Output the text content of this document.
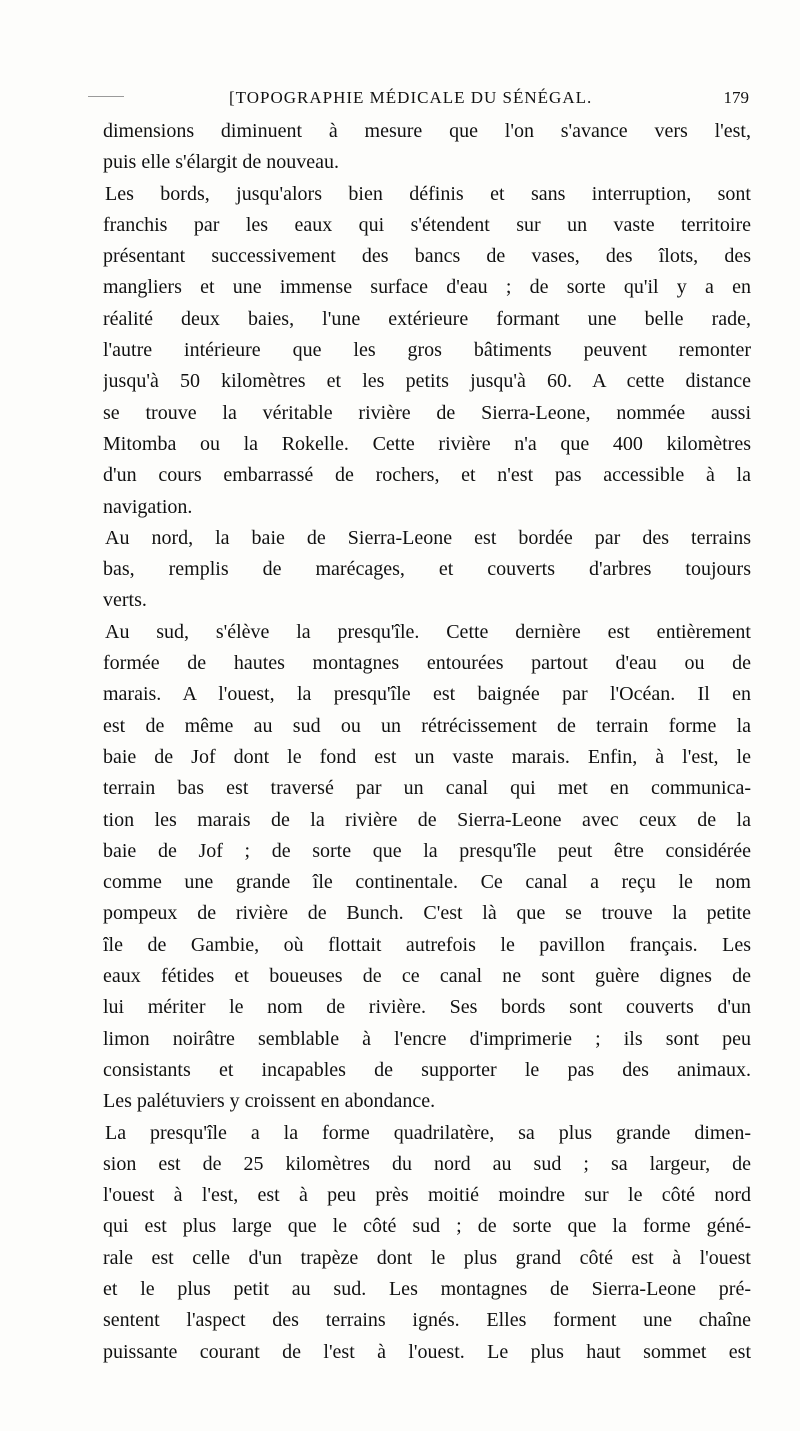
[TOPOGRAPHIE MÉDICALE DU SÉNÉGAL.	179
dimensions diminuent à mesure que l'on s'avance vers l'est,
puis elle s'élargit de nouveau.
Les bords, jusqu'alors bien définis et sans interruption, sont
franchis par les eaux qui s'étendent sur un vaste territoire
présentant successivement des bancs de vases, des îlots, des
mangliers et une immense surface d'eau ; de sorte qu'il y a en
réalité deux baies, l'une extérieure formant une belle rade,
l'autre intérieure que les gros bâtiments peuvent remonter
jusqu'à 50 kilomètres et les petits jusqu'à 60. A cette distance
se trouve la véritable rivière de Sierra-Leone, nommée aussi
Mitomba ou la Rokelle. Cette rivière n'a que 400 kilomètres
d'un cours embarrassé de rochers, et n'est pas accessible à la
navigation.
Au nord, la baie de Sierra-Leone est bordée par des terrains
bas, remplis de marécages, et couverts d'arbres toujours
verts.
Au sud, s'élève la presqu'île. Cette dernière est entièrement
formée de hautes montagnes entourées partout d'eau ou de
marais. A l'ouest, la presqu'île est baignée par l'Océan. Il en
est de même au sud ou un rétrécissement de terrain forme la
baie de Jof dont le fond est un vaste marais. Enfin, à l'est, le
terrain bas est traversé par un canal qui met en communica-
tion les marais de la rivière de Sierra-Leone avec ceux de la
baie de Jof ; de sorte que la presqu'île peut être considérée
comme une grande île continentale. Ce canal a reçu le nom
pompeux de rivière de Bunch. C'est là que se trouve la petite
île de Gambie, où flottait autrefois le pavillon français. Les
eaux fétides et boueuses de ce canal ne sont guère dignes de
lui mériter le nom de rivière. Ses bords sont couverts d'un
limon noirâtre semblable à l'encre d'imprimerie ; ils sont peu
consistants et incapables de supporter le pas des animaux.
Les palétuviers y croissent en abondance.
La presqu'île a la forme quadrilatère, sa plus grande dimen-
sion est de 25 kilomètres du nord au sud ; sa largeur, de
l'ouest à l'est, est à peu près moitié moindre sur le côté nord
qui est plus large que le côté sud ; de sorte que la forme géné-
rale est celle d'un trapèze dont le plus grand côté est à l'ouest
et le plus petit au sud. Les montagnes de Sierra-Leone pré-
sentent l'aspect des terrains ignés. Elles forment une chaîne
puissante courant de l'est à l'ouest. Le plus haut sommet est
